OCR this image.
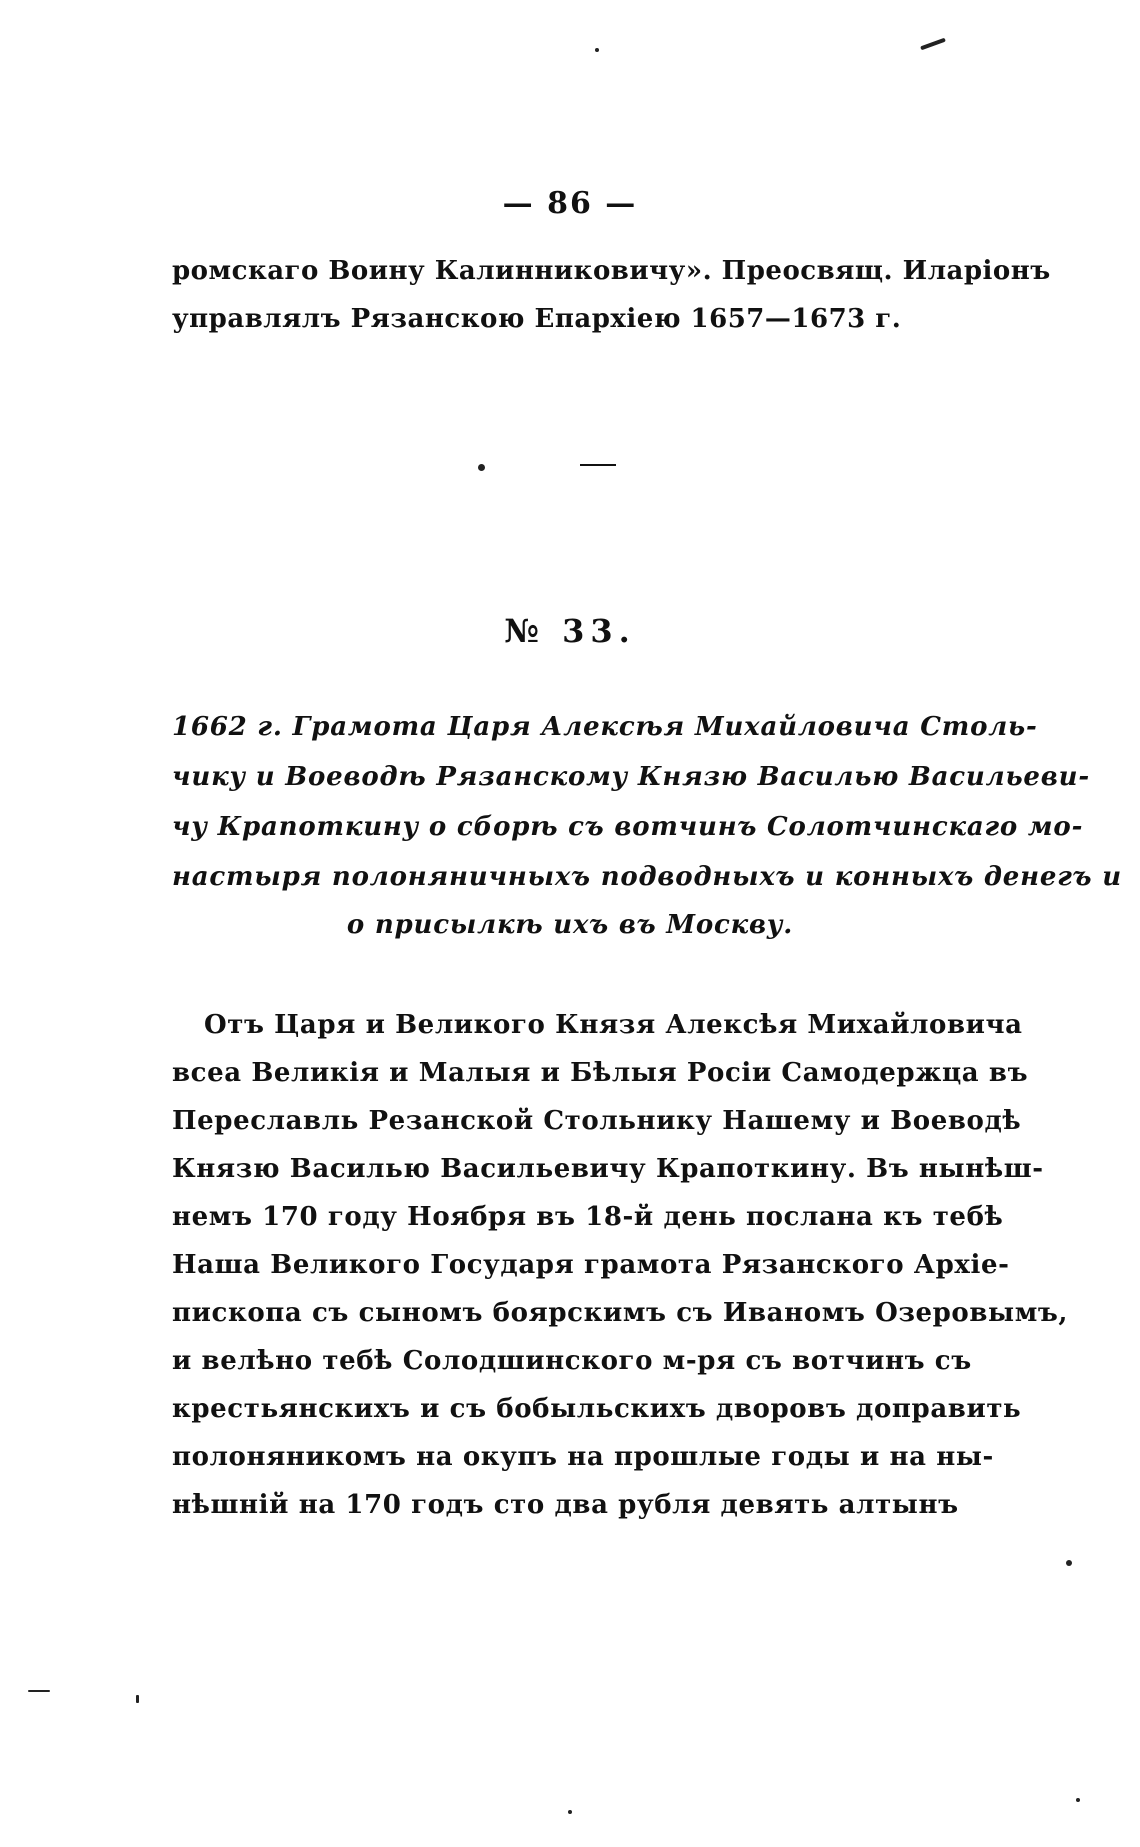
— 86 —

ромскаго Воину Калинниковичу». Преосвящ. Иларіонъ

управлялъ Рязанскою Епархіею 1657—1673 г.

№ 33.

1662 г. Грамота Царя Алексѣя Михайловича Столь-

чику и Воеводѣ Рязанскому Князю Василью Васильеви-

чу Крапоткину о сборѣ съ вотчинъ Солотчинскаго мо-

настыря полоняничныхъ подводныхъ и конныхъ денегъ и

о присылкѣ ихъ въ Москву.

Отъ Царя и Великого Князя Алексѣя Михайловича

всеа Великія и Малыя и Бѣлыя Росіи Самодержца въ

Переславль Резанской Стольнику Нашему и Воеводѣ

Князю Василью Васильевичу Крапоткину. Въ нынѣш-

немъ 170 году Ноября въ 18-й день послана къ тебѣ

Наша Великого Государя грамота Рязанского Архіе-

пископа съ сыномъ боярскимъ съ Иваномъ Озеровымъ,

и велѣно тебѣ Солодшинского м-ря съ вотчинъ съ

крестьянскихъ и съ бобыльскихъ дворовъ доправить

полоняникомъ на окупъ на прошлые годы и на ны-

нѣшній на 170 годъ сто два рубля девять алтынъ
